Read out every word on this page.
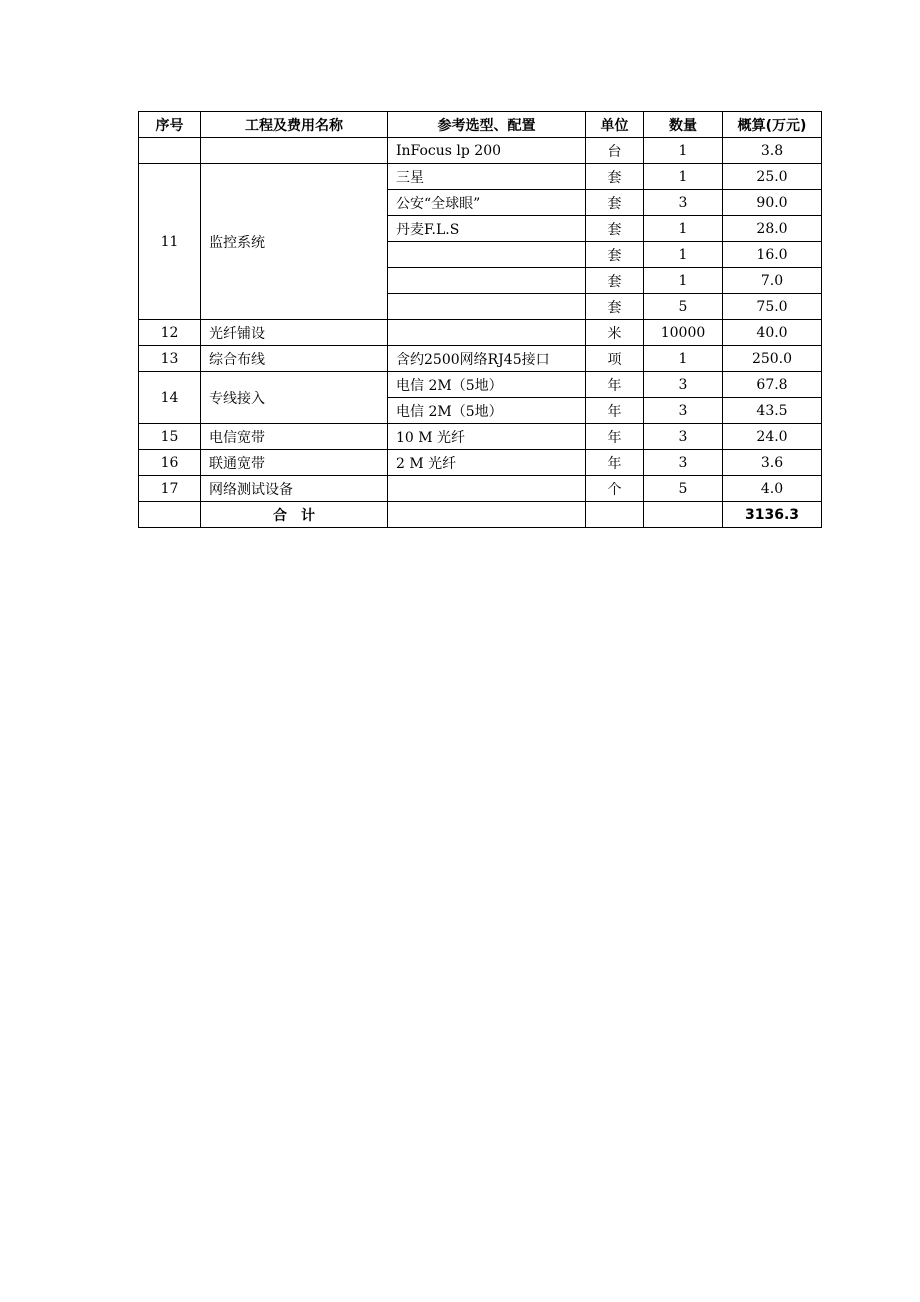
序号	工程及费用名称	参考选型、配置	单位	数量	概算(万元)
		InFocus lp 200	台	1	3.8
11	监控系统	三星	套	1	25.0
		公安“全球眼”	套	3	90.0
		丹麦F.L.S	套	1	28.0
			套	1	16.0
			套	1	7.0
			套	5	75.0
12	光纤铺设		米	10000	40.0
13	综合布线	含约2500网络RJ45接口	项	1	250.0
14	专线接入	电信 2M（5地）	年	3	67.8
		电信 2M（5地）	年	3	43.5
15	电信宽带	10 M 光纤	年	3	24.0
16	联通宽带	2 M 光纤	年	3	3.6
17	网络测试设备		个	5	4.0
	合　计				3136.3
